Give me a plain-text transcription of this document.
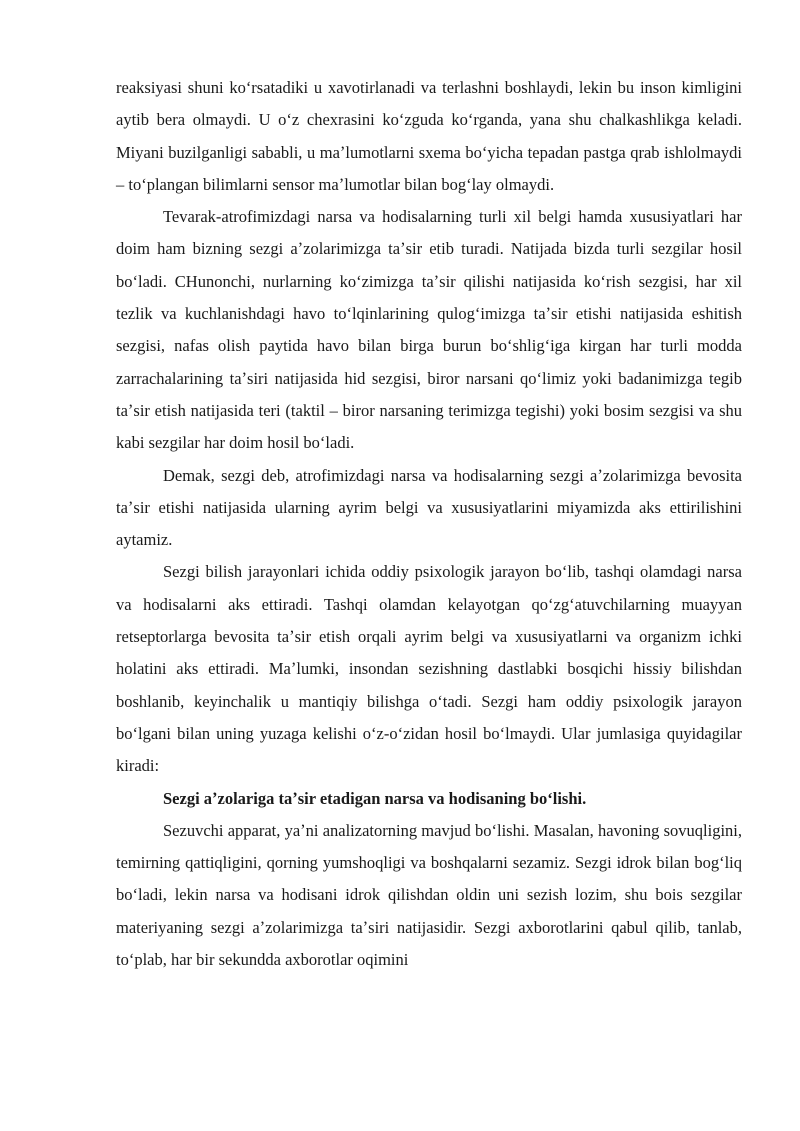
reaksiyasi shuni koʻrsatadiki u xavotirlanadi va terlashni boshlaydi, lekin bu inson kimligini aytib bera olmaydi. U oʻz chexrasini koʻzguda koʻrganda, yana shu chalkashlikga keladi. Miyani buzilganligi sababli, u maʼlumotlarni sxema boʻyicha tepadan pastga qrab ishlolmaydi – toʻplangan bilimlarni sensor maʼlumotlar bilan bogʻlay olmaydi.

Tevarak-atrofimizdagi narsa va hodisalarning turli xil belgi hamda xususiyatlari har doim ham bizning sezgi aʼzolarimizga taʼsir etib turadi. Natijada bizda turli sezgilar hosil boʻladi. CHunonchi, nurlarning koʻzimizga taʼsir qilishi natijasida koʻrish sezgisi, har xil tezlik va kuchlanishdagi havo toʻlqinlarining qulogʻimizga taʼsir etishi natijasida eshitish sezgisi, nafas olish paytida havo bilan birga burun boʻshligʻiga kirgan har turli modda zarrachalarining taʼsiri natijasida hid sezgisi, biror narsani qoʻlimiz yoki badanimizga tegib taʼsir etish natijasida teri (taktil – biror narsaning terimizga tegishi) yoki bosim sezgisi va shu kabi sezgilar har doim hosil boʻladi.

Demak, sezgi deb, atrofimizdagi narsa va hodisalarning sezgi aʼzolarimizga bevosita taʼsir etishi natijasida ularning ayrim belgi va xususiyatlarini miyamizda aks ettirilishini aytamiz.

Sezgi bilish jarayonlari ichida oddiy psixologik jarayon boʻlib, tashqi olamdagi narsa va hodisalarni aks ettiradi. Tashqi olamdan kelayotgan qoʻzgʻatuvchilarning muayyan retseptorlarga bevosita taʼsir etish orqali ayrim belgi va xususiyatlarni va organizm ichki holatini aks ettiradi. Maʼlumki, insondan sezishning dastlabki bosqichi hissiy bilishdan boshlanib, keyinchalik u mantiqiy bilishga oʻtadi. Sezgi ham oddiy psixologik jarayon boʻlgani bilan uning yuzaga kelishi oʻz-oʻzidan hosil boʻlmaydi. Ular jumlasiga quyidagilar kiradi:

Sezgi aʼzolariga taʼsir etadigan narsa va hodisaning boʻlishi.

Sezuvchi apparat, yaʼni analizatorning mavjud boʻlishi. Masalan, havoning sovuqligini, temirning qattiqligini, qorning yumshoqligi va boshqalarni sezamiz. Sezgi idrok bilan bogʻliq boʻladi, lekin narsa va hodisani idrok qilishdan oldin uni sezish lozim, shu bois sezgilar materiyaning sezgi aʼzolarimizga taʼsiri natijasidir. Sezgi axborotlarini qabul qilib, tanlab, toʻplab, har bir sekundda axborotlar oqimini
